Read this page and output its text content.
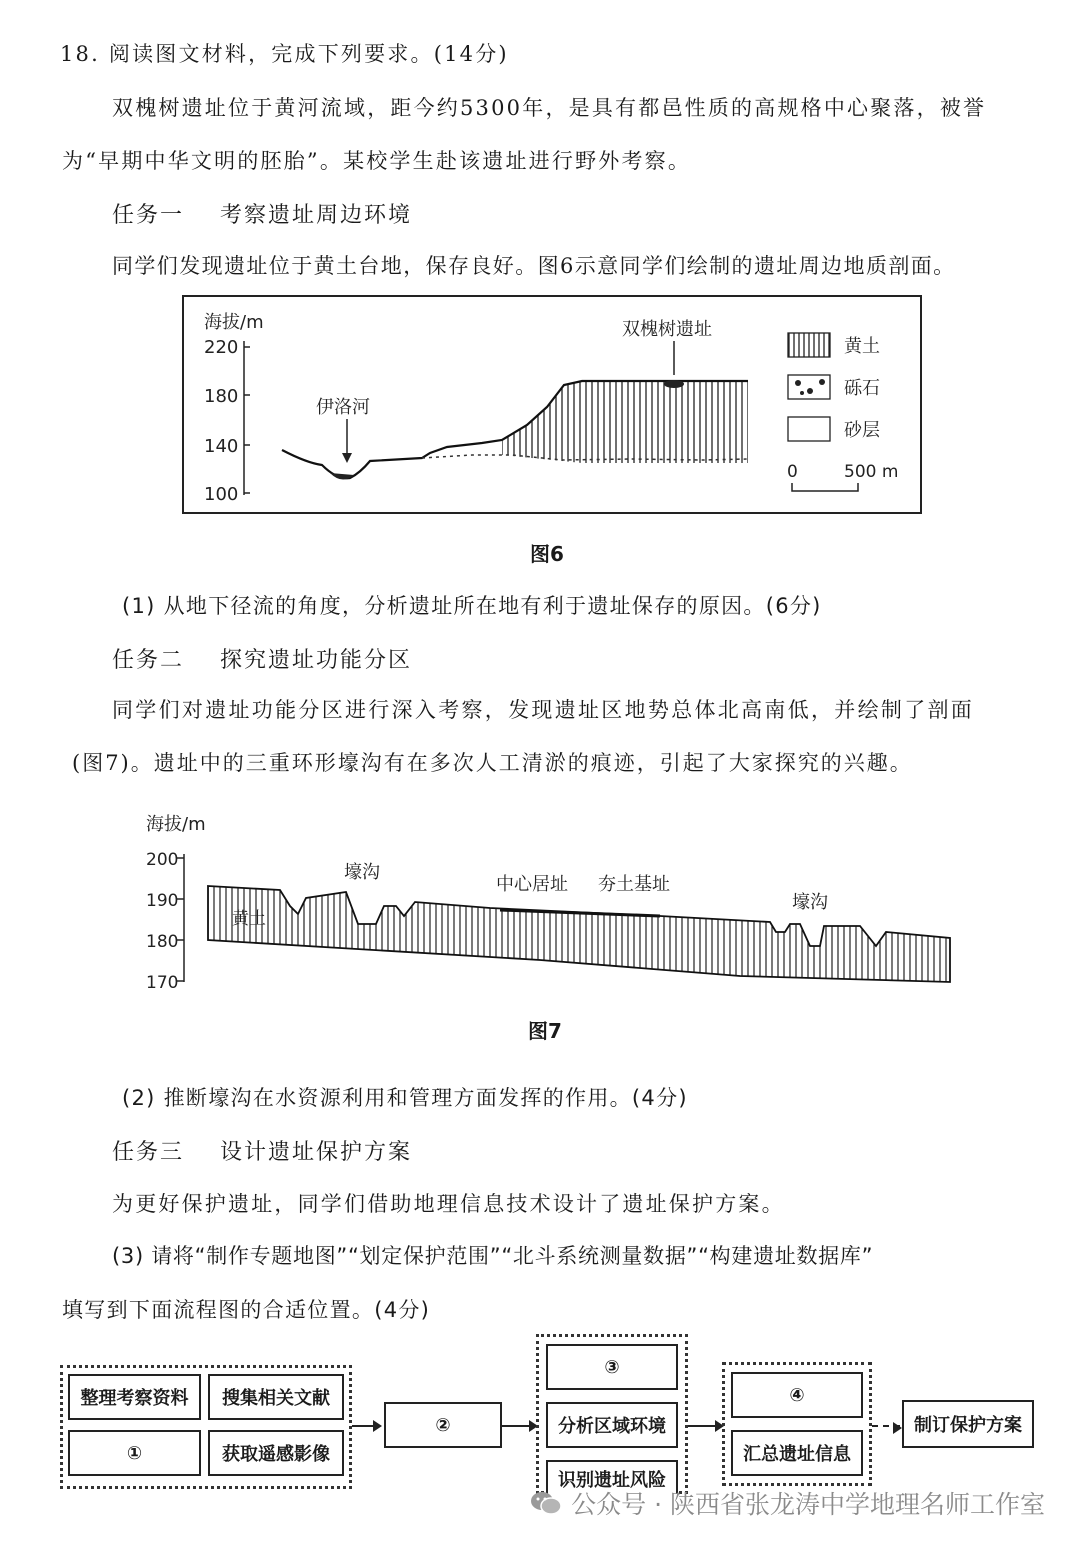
18. 阅读图文材料，完成下列要求。(14分)
双槐树遗址位于黄河流域，距今约5300年，是具有都邑性质的高规格中心聚落，被誉
为“早期中华文明的胚胎”。某校学生赴该遗址进行野外考察。
任务一    考察遗址周边环境
同学们发现遗址位于黄土台地，保存良好。图6示意同学们绘制的遗址周边地质剖面。
海拔/m
220
180
140
100
伊洛河
双槐树遗址
黄土
砾石
砂层
0	500 m
图6
(1) 从地下径流的角度，分析遗址所在地有利于遗址保存的原因。(6分)
任务二    探究遗址功能分区
同学们对遗址功能分区进行深入考察，发现遗址区地势总体北高南低，并绘制了剖面
(图7)。遗址中的三重环形壕沟有在多次人工清淤的痕迹，引起了大家探究的兴趣。
海拔/m
200
190
180
170
黄土
壕沟
中心居址 夯土基址
壕沟
图7
(2) 推断壕沟在水资源利用和管理方面发挥的作用。(4分)
任务三    设计遗址保护方案
为更好保护遗址，同学们借助地理信息技术设计了遗址保护方案。
(3) 请将“制作专题地图”“划定保护范围”“北斗系统测量数据”“构建遗址数据库”
填写到下面流程图的合适位置。(4分)
整理考察资料	搜集相关文献
①	获取遥感影像
②
③
分析区域环境
识别遗址风险
④
汇总遗址信息
制订保护方案
公众号 · 陕西省张龙涛中学地理名师工作室
